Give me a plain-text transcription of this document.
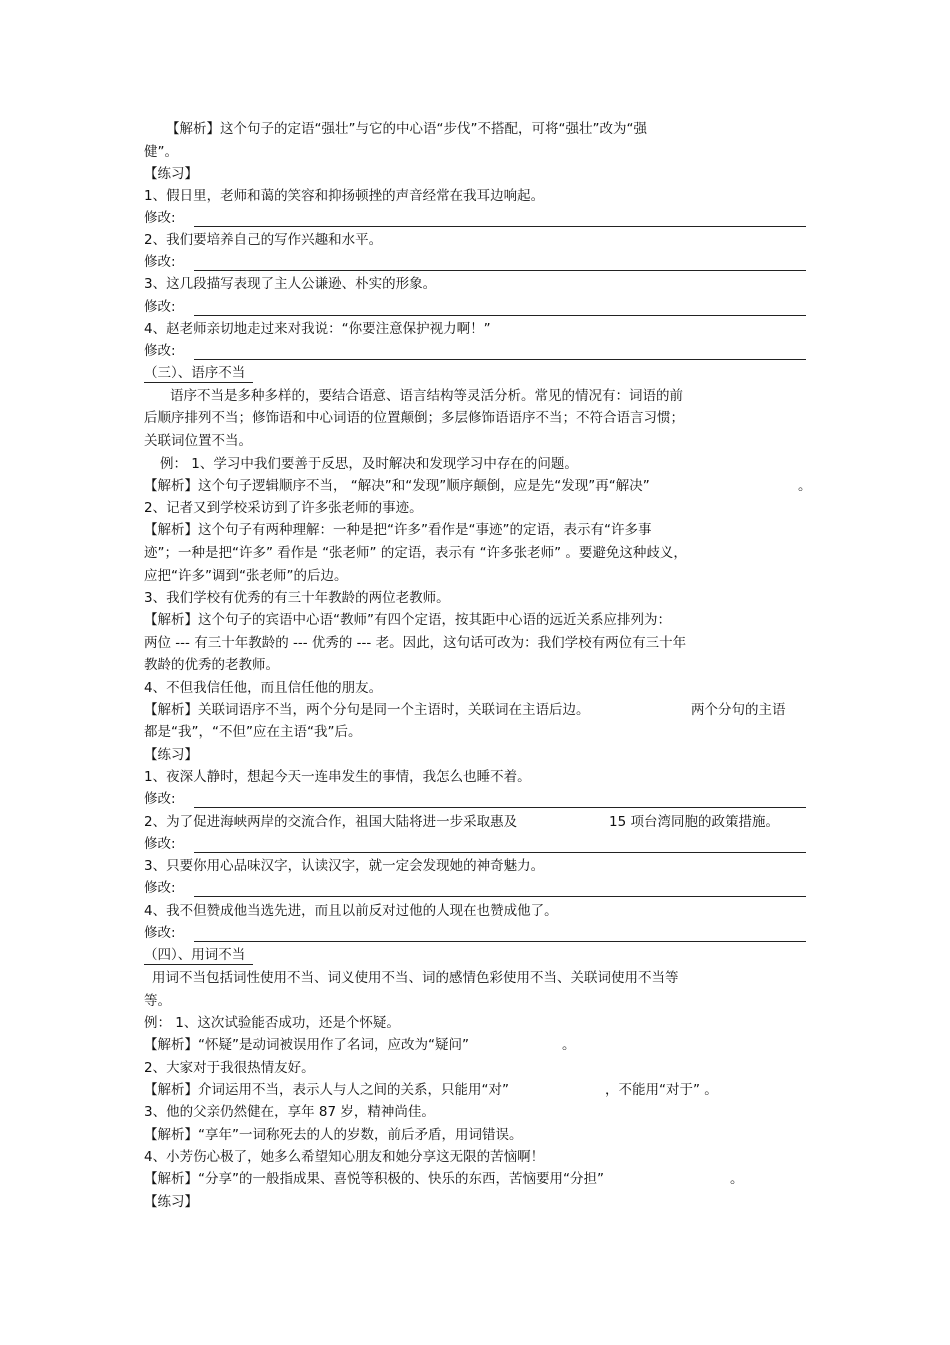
【解析】这个句子的定语“强壮”与它的中心语“步伐”不搭配，可将“强壮”改为“强
健”。
【练习】
1、假日里，老师和蔼的笑容和抑扬顿挫的声音经常在我耳边响起。
修改:
2、我们要培养自己的写作兴趣和水平。
修改:
3、这几段描写表现了主人公谦逊、朴实的形象。
修改:
4、赵老师亲切地走过来对我说：“你要注意保护视力啊！”
修改:
（三）、语序不当
语序不当是多种多样的，要结合语意、语言结构等灵活分析。常见的情况有：词语的前
后顺序排列不当；修饰语和中心词语的位置颠倒；多层修饰语语序不当；不符合语言习惯；
关联词位置不当。
例： 1、学习中我们要善于反思，及时解决和发现学习中存在的问题。
【解析】这个句子逻辑顺序不当， “解决”和“发现”顺序颠倒，应是先“发现”再“解决”	。
2、记者又到学校采访到了许多张老师的事迹。
【解析】这个句子有两种理解：一种是把“许多”看作是“事迹”的定语，表示有“许多事
迹”；一种是把“许多” 看作是 “张老师” 的定语，表示有 “许多张老师” 。要避免这种歧义，
应把“许多”调到“张老师”的后边。
3、我们学校有优秀的有三十年教龄的两位老教师。
【解析】这个句子的宾语中心语“教师”有四个定语，按其距中心语的远近关系应排列为：
两位 --- 有三十年教龄的 --- 优秀的 --- 老。因此，这句话可改为：我们学校有两位有三十年
教龄的优秀的老教师。
4、不但我信任他，而且信任他的朋友。
【解析】关联词语序不当，两个分句是同一个主语时，关联词在主语后边。	两个分句的主语
都是“我”，“不但”应在主语“我”后。
【练习】
1、夜深人静时，想起今天一连串发生的事情，我怎么也睡不着。
修改:
2、为了促进海峡两岸的交流合作，祖国大陆将进一步采取惠及	15 项台湾同胞的政策措施。
修改:
3、只要你用心品味汉字，认读汉字，就一定会发现她的神奇魅力。
修改:
4、我不但赞成他当选先进，而且以前反对过他的人现在也赞成他了。
修改:
（四）、用词不当
用词不当包括词性使用不当、词义使用不当、词的感情色彩使用不当、关联词使用不当等
等。
例： 1、这次试验能否成功，还是个怀疑。
【解析】“怀疑”是动词被误用作了名词，应改为“疑问”	。
2、大家对于我很热情友好。
【解析】介词运用不当，表示人与人之间的关系，只能用“对”	，不能用“对于” 。
3、他的父亲仍然健在，享年 87 岁，精神尚佳。
【解析】“享年”一词称死去的人的岁数，前后矛盾，用词错误。
4、小芳伤心极了，她多么希望知心朋友和她分享这无限的苦恼啊！
【解析】“分享”的一般指成果、喜悦等积极的、快乐的东西，苦恼要用“分担”	。
【练习】
